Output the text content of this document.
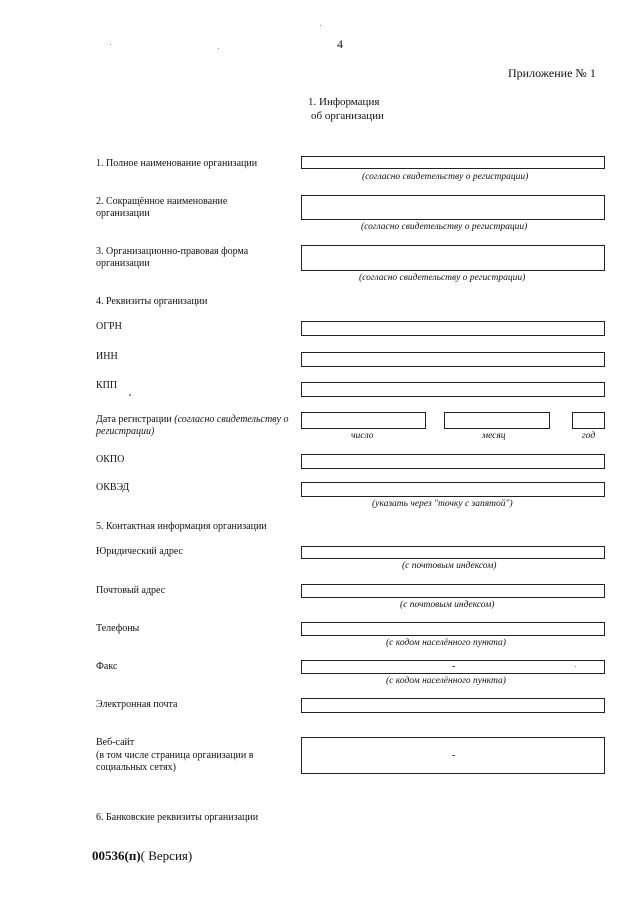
4
Приложение № 1
1. Информация
об организации
1. Полное наименование организации
(согласно свидетельству о регистрации)
2. Сокращённое наименование организации
(согласно свидетельству о регистрации)
3. Организационно-правовая форма организации
(согласно свидетельству о регистрации)
4. Реквизиты организации
ОГРН
ИНН
КПП
Дата регистрации (согласно свидетельству о регистрации)	число	месяц	год
ОКПО
ОКВЭД
(указать через "точку с запятой")
5. Контактная информация организации
Юридический адрес
(с почтовым индексом)
Почтовый адрес
(с почтовым индексом)
Телефоны
(с кодом населённого пункта)
Факс	-
(с кодом населённого пункта)
Электронная почта
Веб-сайт
(в том числе страница организации в социальных сетях)
-
6. Банковские реквизиты организации
00536(п)( Версия)
